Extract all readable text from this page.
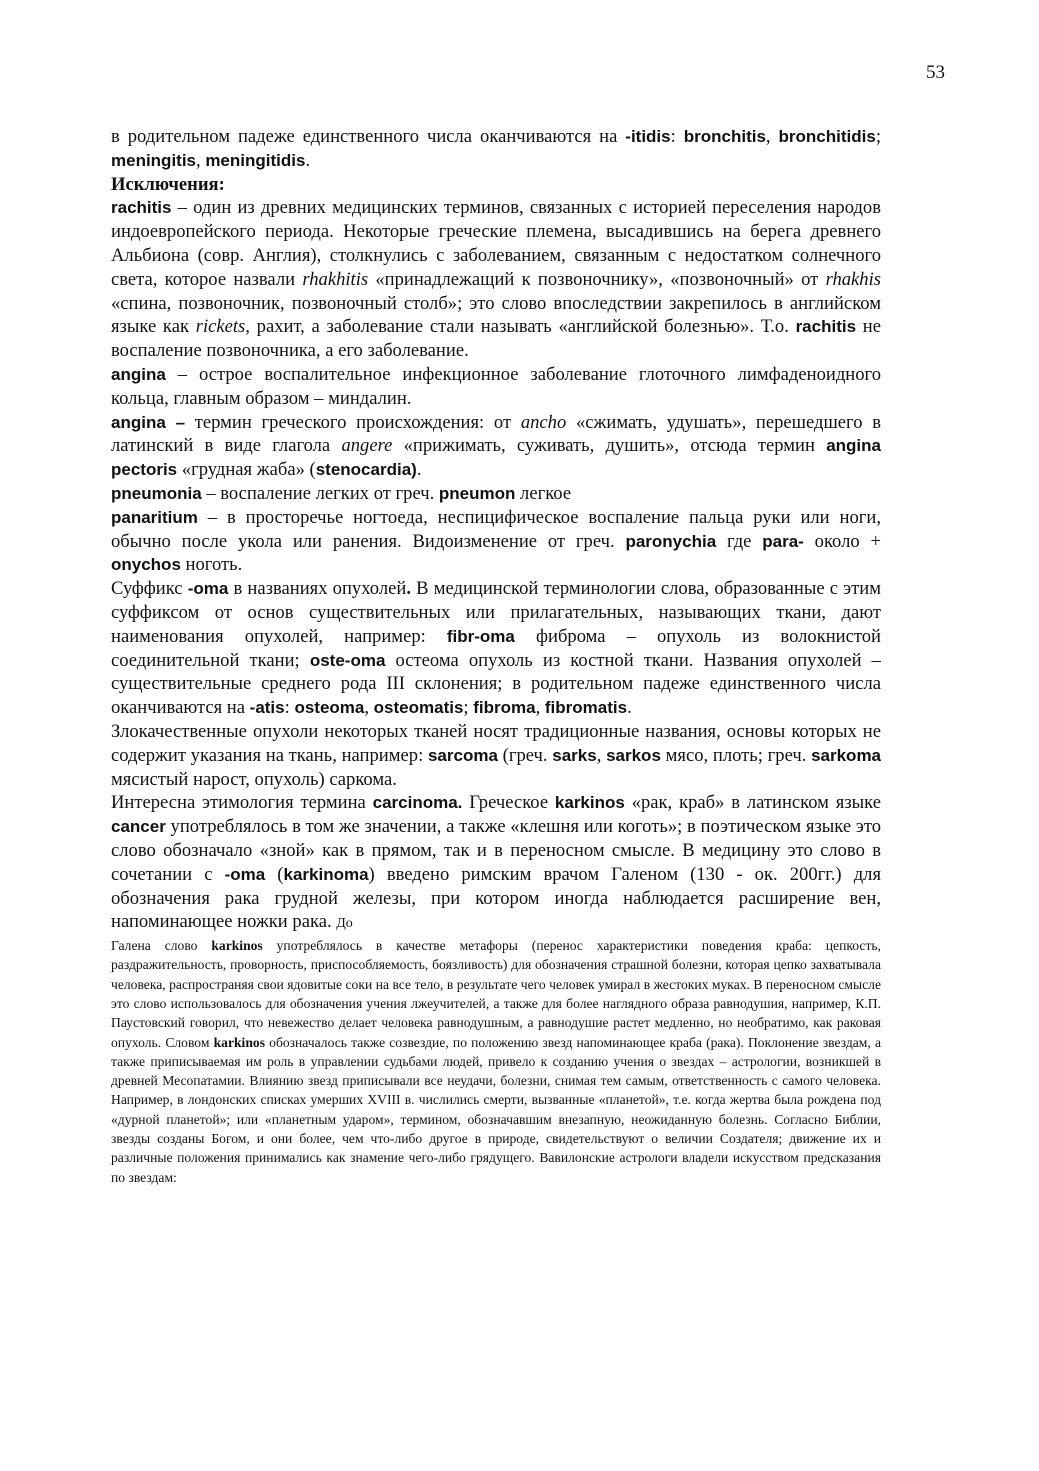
53

в родительном падеже единственного числа оканчиваются на -itidis: bronchitis, bronchitidis; meningitis, meningitidis.

Исключения:

rachitis – один из древних медицинских терминов, связанных с историей переселения народов индоевропейского периода. Некоторые греческие племена, высадившись на берега древнего Альбиона (совр. Англия), столкнулись с заболеванием, связанным с недостатком солнечного света, которое назвали rhakhitis «принадлежащий к позвоночнику», «позвоночный» от rhakhis «спина, позвоночник, позвоночный столб»; это слово впоследствии закрепилось в английском языке как rickets, рахит, а заболевание стали называть «английской болезнью». Т.о. rachitis не воспаление позвоночника, а его заболевание.

angina – острое воспалительное инфекционное заболевание глоточного лимфаденоидного кольца, главным образом – миндалин.

angina – термин греческого происхождения: от ancho «сжимать, удушать», перешедшего в латинский в виде глагола angere «прижимать, суживать, душить», отсюда термин angina pectoris «грудная жаба» (stenocardia).

pneumonia – воспаление легких от греч. pneumon легкое

panaritium – в просторечье ногтоеда, неспицифическое воспаление пальца руки или ноги, обычно после укола или ранения. Видоизменение от греч. paronychia где para- около + onychos ноготь.

Суффикс -oma в названиях опухолей. В медицинской терминологии слова, образованные с этим суффиксом от основ существительных или прилагательных, называющих ткани, дают наименования опухолей, например: fibr-oma фиброма – опухоль из волокнистой соединительной ткани; oste-oma остеома опухоль из костной ткани. Названия опухолей – существительные среднего рода III склонения; в родительном падеже единственного числа оканчиваются на -atis: osteoma, osteomatis; fibroma, fibromatis.

Злокачественные опухоли некоторых тканей носят традиционные названия, основы которых не содержит указания на ткань, например: sarcoma (греч. sarks, sarkos мясо, плоть; греч. sarkoma мясистый нарост, опухоль) саркома.

Интересна этимология термина carcinoma. Греческое karkinos «рак, краб» в латинском языке cancer употреблялось в том же значении, а также «клешня или коготь»; в поэтическом языке это слово обозначало «зной» как в прямом, так и в переносном смысле. В медицину это слово в сочетании с -oma (karkinoma) введено римским врачом Галеном (130 - ок. 200гг.) для обозначения рака грудной железы, при котором иногда наблюдается расширение вен, напоминающее ножки рака. До

Галена слово karkinos употреблялось в качестве метафоры (перенос характеристики поведения краба: цепкость, раздражительность, проворность, приспособляемость, боязливость) для обозначения страшной болезни, которая цепко захватывала человека, распространяя свои ядовитые соки на все тело, в результате чего человек умирал в жестоких муках. В переносном смысле это слово использовалось для обозначения учения лжеучителей, а также для более наглядного образа равнодушия, например, К.П. Паустовский говорил, что невежество делает человека равнодушным, а равнодушие растет медленно, но необратимо, как раковая опухоль. Словом karkinos обозначалось также созвездие, по положению звезд напоминающее краба (рака). Поклонение звездам, а также приписываемая им роль в управлении судьбами людей, привело к созданию учения о звездах – астрологии, возникшей в древней Месопатамии. Влиянию звезд приписывали все неудачи, болезни, снимая тем самым, ответственность с самого человека. Например, в лондонских списках умерших XVIII в. числились смерти, вызванные «планетой», т.е. когда жертва была рождена под «дурной планетой»; или «планетным ударом», термином, обозначавшим внезапную, неожиданную болезнь. Согласно Библии, звезды созданы Богом, и они более, чем что-либо другое в природе, свидетельствуют о величии Создателя; движение их и различные положения принимались как знамение чего-либо грядущего. Вавилонские астрологи владели искусством предсказания по звездам:
